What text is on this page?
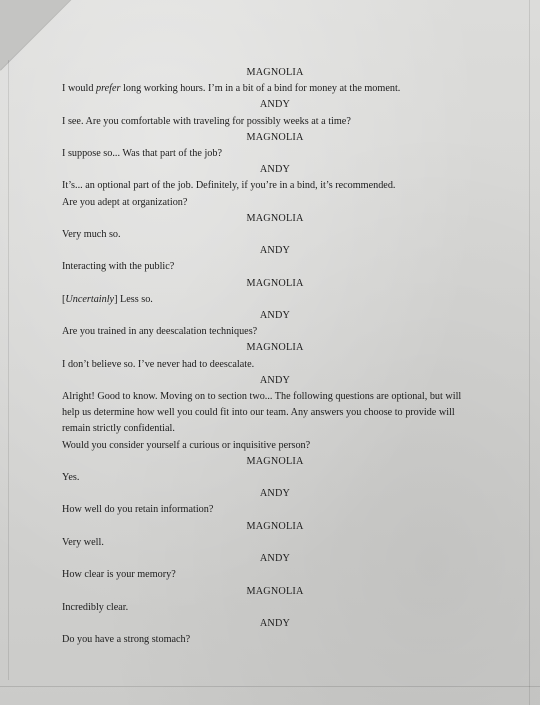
MAGNOLIA

I would prefer long working hours. I’m in a bit of a bind for money at the moment.

ANDY

I see. Are you comfortable with traveling for possibly weeks at a time?

MAGNOLIA

I suppose so... Was that part of the job?

ANDY

It’s... an optional part of the job. Definitely, if you’re in a bind, it’s recommended.

Are you adept at organization?

MAGNOLIA

Very much so.

ANDY

Interacting with the public?

MAGNOLIA

[Uncertainly] Less so.

ANDY

Are you trained in any deescalation techniques?

MAGNOLIA

I don’t believe so. I’ve never had to deescalate.

ANDY

Alright! Good to know. Moving on to section two... The following questions are optional, but will

help us determine how well you could fit into our team. Any answers you choose to provide will

remain strictly confidential.

Would you consider yourself a curious or inquisitive person?

MAGNOLIA

Yes.

ANDY

How well do you retain information?

MAGNOLIA

Very well.

ANDY

How clear is your memory?

MAGNOLIA

Incredibly clear.

ANDY

Do you have a strong stomach?
